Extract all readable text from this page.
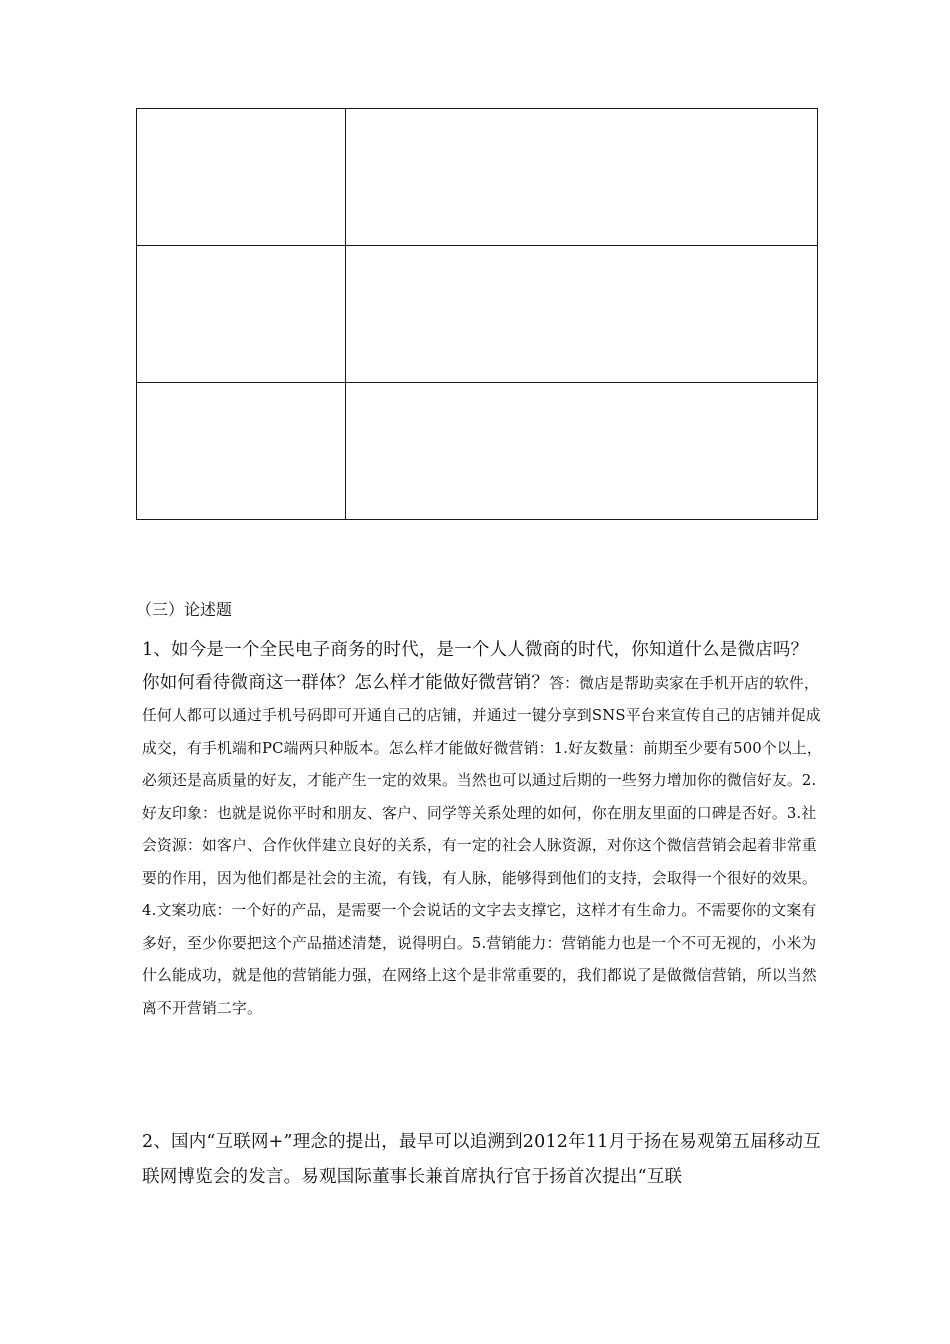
（三）论述题

1、如今是一个全民电子商务的时代，是一个人人微商的时代，你知道什么是微店吗？你如何看待微商这一群体？怎么样才能做好微营销？答：微店是帮助卖家在手机开店的软件，任何人都可以通过手机号码即可开通自己的店铺，并通过一键分享到SNS平台来宣传自己的店铺并促成成交，有手机端和PC端两只种版本。怎么样才能做好微营销：1.好友数量：前期至少要有500个以上，必须还是高质量的好友，才能产生一定的效果。当然也可以通过后期的一些努力增加你的微信好友。2.好友印象：也就是说你平时和朋友、客户、同学等关系处理的如何，你在朋友里面的口碑是否好。3.社会资源：如客户、合作伙伴建立良好的关系，有一定的社会人脉资源，对你这个微信营销会起着非常重要的作用，因为他们都是社会的主流，有钱，有人脉，能够得到他们的支持，会取得一个很好的效果。4.文案功底：一个好的产品，是需要一个会说话的文字去支撑它，这样才有生命力。不需要你的文案有多好，至少你要把这个产品描述清楚，说得明白。5.营销能力：营销能力也是一个不可无视的，小米为什么能成功，就是他的营销能力强，在网络上这个是非常重要的，我们都说了是做微信营销，所以当然离不开营销二字。

2、国内“互联网+”理念的提出，最早可以追溯到2012年11月于扬在易观第五届移动互联网博览会的发言。易观国际董事长兼首席执行官于扬首次提出“互联
